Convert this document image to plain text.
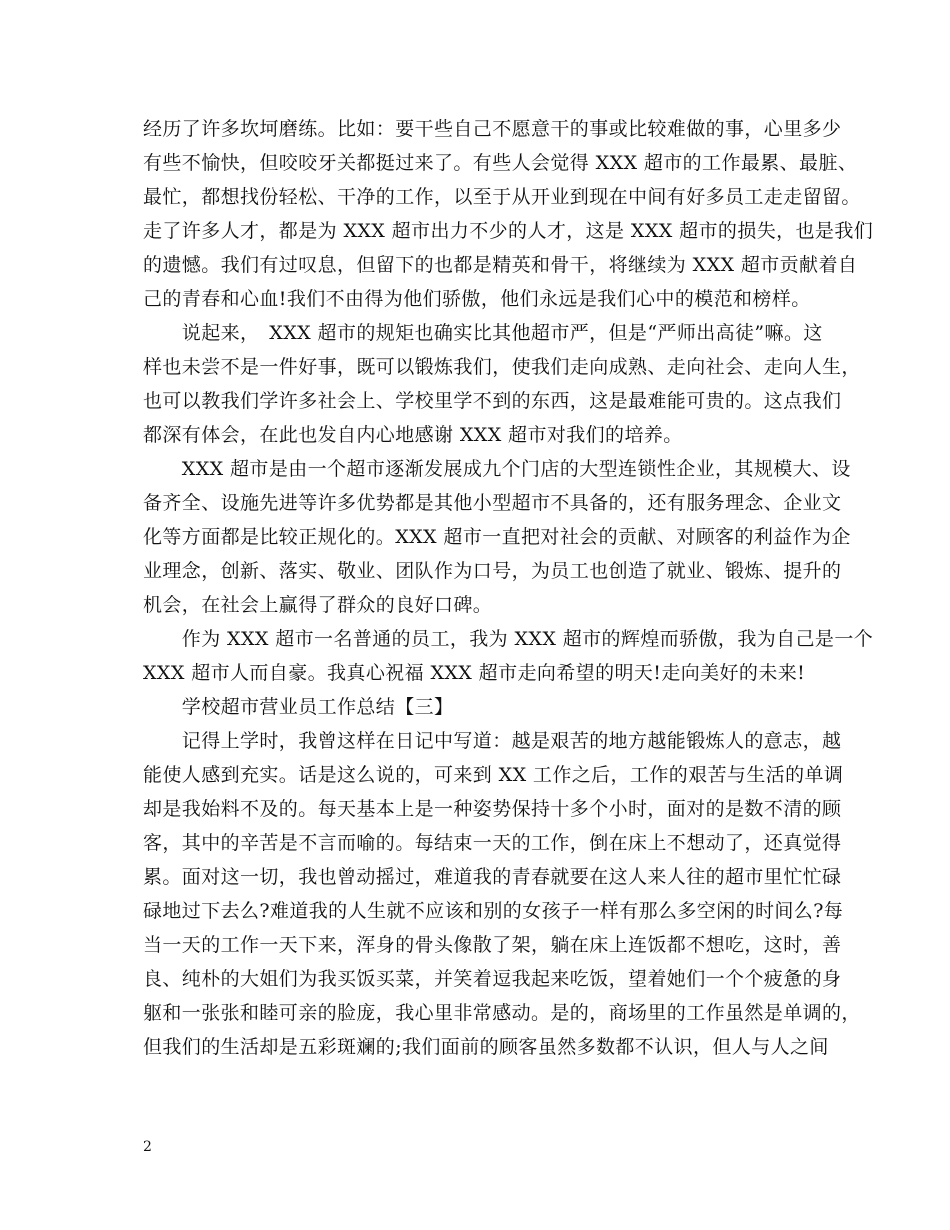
经历了许多坎坷磨练。比如：要干些自己不愿意干的事或比较难做的事，心里多少
有些不愉快，但咬咬牙关都挺过来了。有些人会觉得 XXX 超市的工作最累、最脏、
最忙，都想找份轻松、干净的工作，以至于从开业到现在中间有好多员工走走留留。
走了许多人才，都是为 XXX 超市出力不少的人才，这是 XXX 超市的损失，也是我们
的遗憾。我们有过叹息，但留下的也都是精英和骨干，将继续为 XXX 超市贡献着自
己的青春和心血!我们不由得为他们骄傲，他们永远是我们心中的模范和榜样。
　　说起来，　XXX 超市的规矩也确实比其他超市严，但是“严师出高徒”嘛。这
样也未尝不是一件好事，既可以锻炼我们，使我们走向成熟、走向社会、走向人生，
也可以教我们学许多社会上、学校里学不到的东西，这是最难能可贵的。这点我们
都深有体会，在此也发自内心地感谢 XXX 超市对我们的培养。
　　XXX 超市是由一个超市逐渐发展成九个门店的大型连锁性企业，其规模大、设
备齐全、设施先进等许多优势都是其他小型超市不具备的，还有服务理念、企业文
化等方面都是比较正规化的。XXX 超市一直把对社会的贡献、对顾客的利益作为企
业理念，创新、落实、敬业、团队作为口号，为员工也创造了就业、锻炼、提升的
机会，在社会上赢得了群众的良好口碑。
　　作为 XXX 超市一名普通的员工，我为 XXX 超市的辉煌而骄傲，我为自己是一个
XXX 超市人而自豪。我真心祝福 XXX 超市走向希望的明天!走向美好的未来!
　　学校超市营业员工作总结【三】
　　记得上学时，我曾这样在日记中写道：越是艰苦的地方越能锻炼人的意志，越
能使人感到充实。话是这么说的，可来到 XX 工作之后，工作的艰苦与生活的单调
却是我始料不及的。每天基本上是一种姿势保持十多个小时，面对的是数不清的顾
客，其中的辛苦是不言而喻的。每结束一天的工作，倒在床上不想动了，还真觉得
累。面对这一切，我也曾动摇过，难道我的青春就要在这人来人往的超市里忙忙碌
碌地过下去么?难道我的人生就不应该和别的女孩子一样有那么多空闲的时间么?每
当一天的工作一天下来，浑身的骨头像散了架，躺在床上连饭都不想吃，这时，善
良、纯朴的大姐们为我买饭买菜，并笑着逗我起来吃饭，望着她们一个个疲惫的身
躯和一张张和睦可亲的脸庞，我心里非常感动。是的，商场里的工作虽然是单调的，
但我们的生活却是五彩斑斓的;我们面前的顾客虽然多数都不认识，但人与人之间
2
